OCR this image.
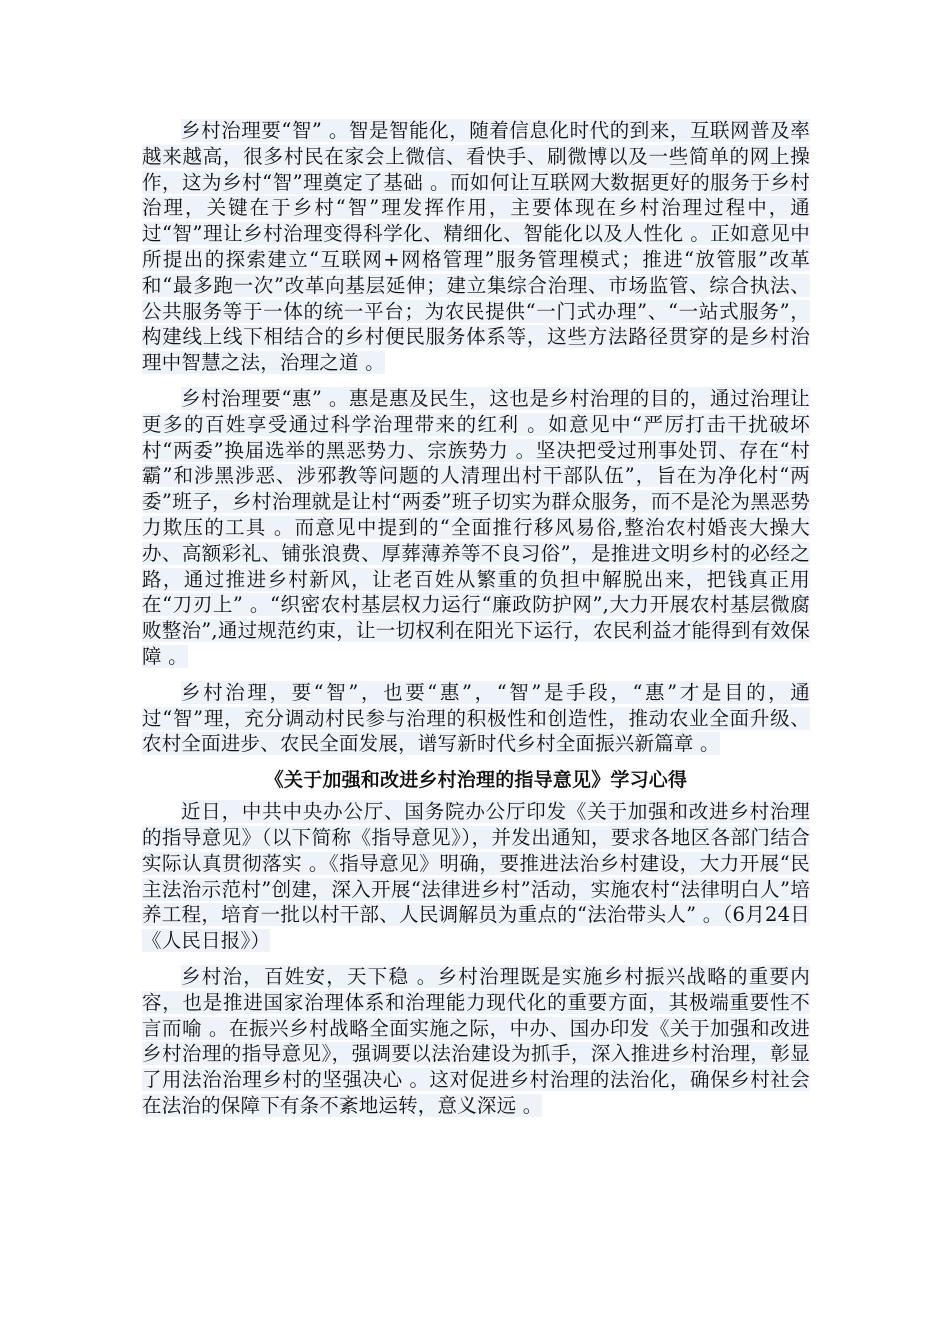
乡村治理要“智” 。智是智能化，随着信息化时代的到来，互联网普及率越来越高，很多村民在家会上微信、看快手、刷微博以及一些简单的网上操作，这为乡村“智”理奠定了基础 。而如何让互联网大数据更好的服务于乡村治理，关键在于乡村“智”理发挥作用，主要体现在乡村治理过程中，通过“智”理让乡村治理变得科学化、精细化、智能化以及人性化 。正如意见中所提出的探索建立“互联网+网格管理”服务管理模式；推进“放管服”改革和“最多跑一次”改革向基层延伸；建立集综合治理、市场监管、综合执法、公共服务等于一体的统一平台；为农民提供“一门式办理”、“一站式服务”，构建线上线下相结合的乡村便民服务体系等，这些方法路径贯穿的是乡村治理中智慧之法，治理之道 。

乡村治理要“惠” 。惠是惠及民生，这也是乡村治理的目的，通过治理让更多的百姓享受通过科学治理带来的红利 。如意见中“严厉打击干扰破坏村“两委”换届选举的黑恶势力、宗族势力 。坚决把受过刑事处罚、存在“村霸”和涉黑涉恶、涉邪教等问题的人清理出村干部队伍”，旨在为净化村“两委”班子，乡村治理就是让村“两委”班子切实为群众服务，而不是沦为黑恶势力欺压的工具 。而意见中提到的“全面推行移风易俗,整治农村婚丧大操大办、高额彩礼、铺张浪费、厚葬薄养等不良习俗”，是推进文明乡村的必经之路，通过推进乡村新风，让老百姓从繁重的负担中解脱出来，把钱真正用在“刀刃上” 。“织密农村基层权力运行“廉政防护网”,大力开展农村基层微腐败整治”,通过规范约束，让一切权利在阳光下运行，农民利益才能得到有效保障 。

乡村治理，要“智”，也要“惠”，“智”是手段，“惠”才是目的，通过“智”理，充分调动村民参与治理的积极性和创造性，推动农业全面升级、农村全面进步、农民全面发展，谱写新时代乡村全面振兴新篇章 。

《关于加强和改进乡村治理的指导意见》学习心得

近日，中共中央办公厅、国务院办公厅印发《关于加强和改进乡村治理的指导意见》（以下简称《指导意见》），并发出通知，要求各地区各部门结合实际认真贯彻落实 。《指导意见》明确，要推进法治乡村建设，大力开展“民主法治示范村”创建，深入开展“法律进乡村”活动，实施农村“法律明白人”培养工程，培育一批以村干部、人民调解员为重点的“法治带头人” 。（6月24日《人民日报》）

乡村治，百姓安，天下稳 。乡村治理既是实施乡村振兴战略的重要内容，也是推进国家治理体系和治理能力现代化的重要方面，其极端重要性不言而喻 。在振兴乡村战略全面实施之际，中办、国办印发《关于加强和改进乡村治理的指导意见》，强调要以法治建设为抓手，深入推进乡村治理，彰显了用法治治理乡村的坚强决心 。这对促进乡村治理的法治化，确保乡村社会在法治的保障下有条不紊地运转，意义深远 。
